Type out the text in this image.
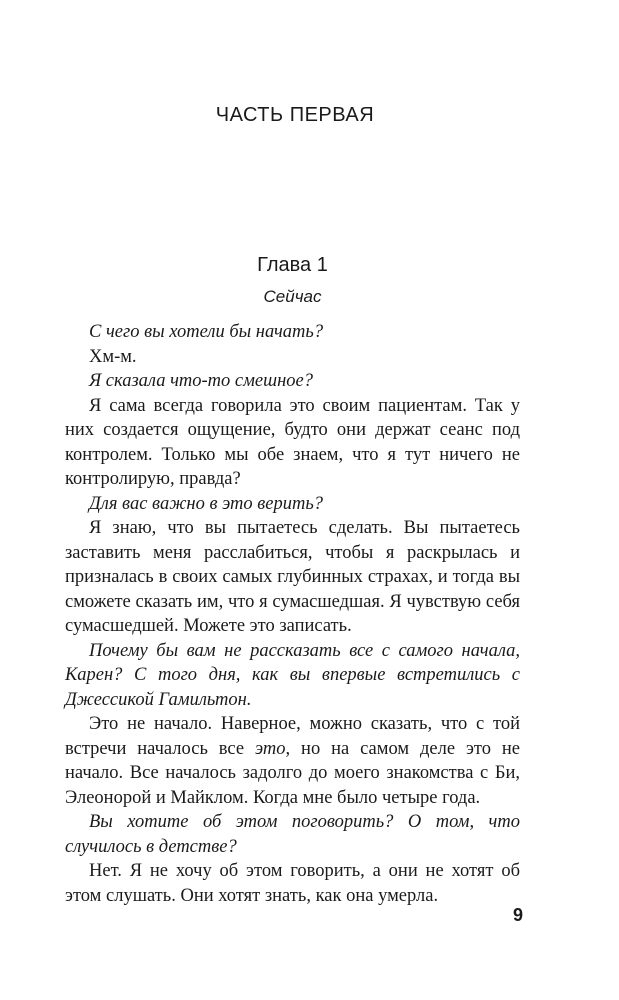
ЧАСТЬ ПЕРВАЯ
Глава 1
Сейчас

С чего вы хотели бы начать?

Хм-м.

Я сказала что-то смешное?

Я сама всегда говорила это своим пациентам. Так у них создается ощущение, будто они держат сеанс под контролем. Только мы обе знаем, что я тут ничего не контролирую, правда?

Для вас важно в это верить?

Я знаю, что вы пытаетесь сделать. Вы пытаетесь заставить меня расслабиться, чтобы я раскрылась и призналась в своих самых глубинных страхах, и тогда вы сможете сказать им, что я сумасшедшая. Я чувствую себя сумасшедшей. Можете это записать.

Почему бы вам не рассказать все с самого начала, Карен? С того дня, как вы впервые встретились с Джессикой Гамильтон.

Это не начало. Наверное, можно сказать, что с той встречи началось все это, но на самом деле это не начало. Все началось задолго до моего знакомства с Би, Элеонорой и Майклом. Когда мне было четыре года.

Вы хотите об этом поговорить? О том, что случилось в детстве?

Нет. Я не хочу об этом говорить, а они не хотят об этом слушать. Они хотят знать, как она умерла.

9
